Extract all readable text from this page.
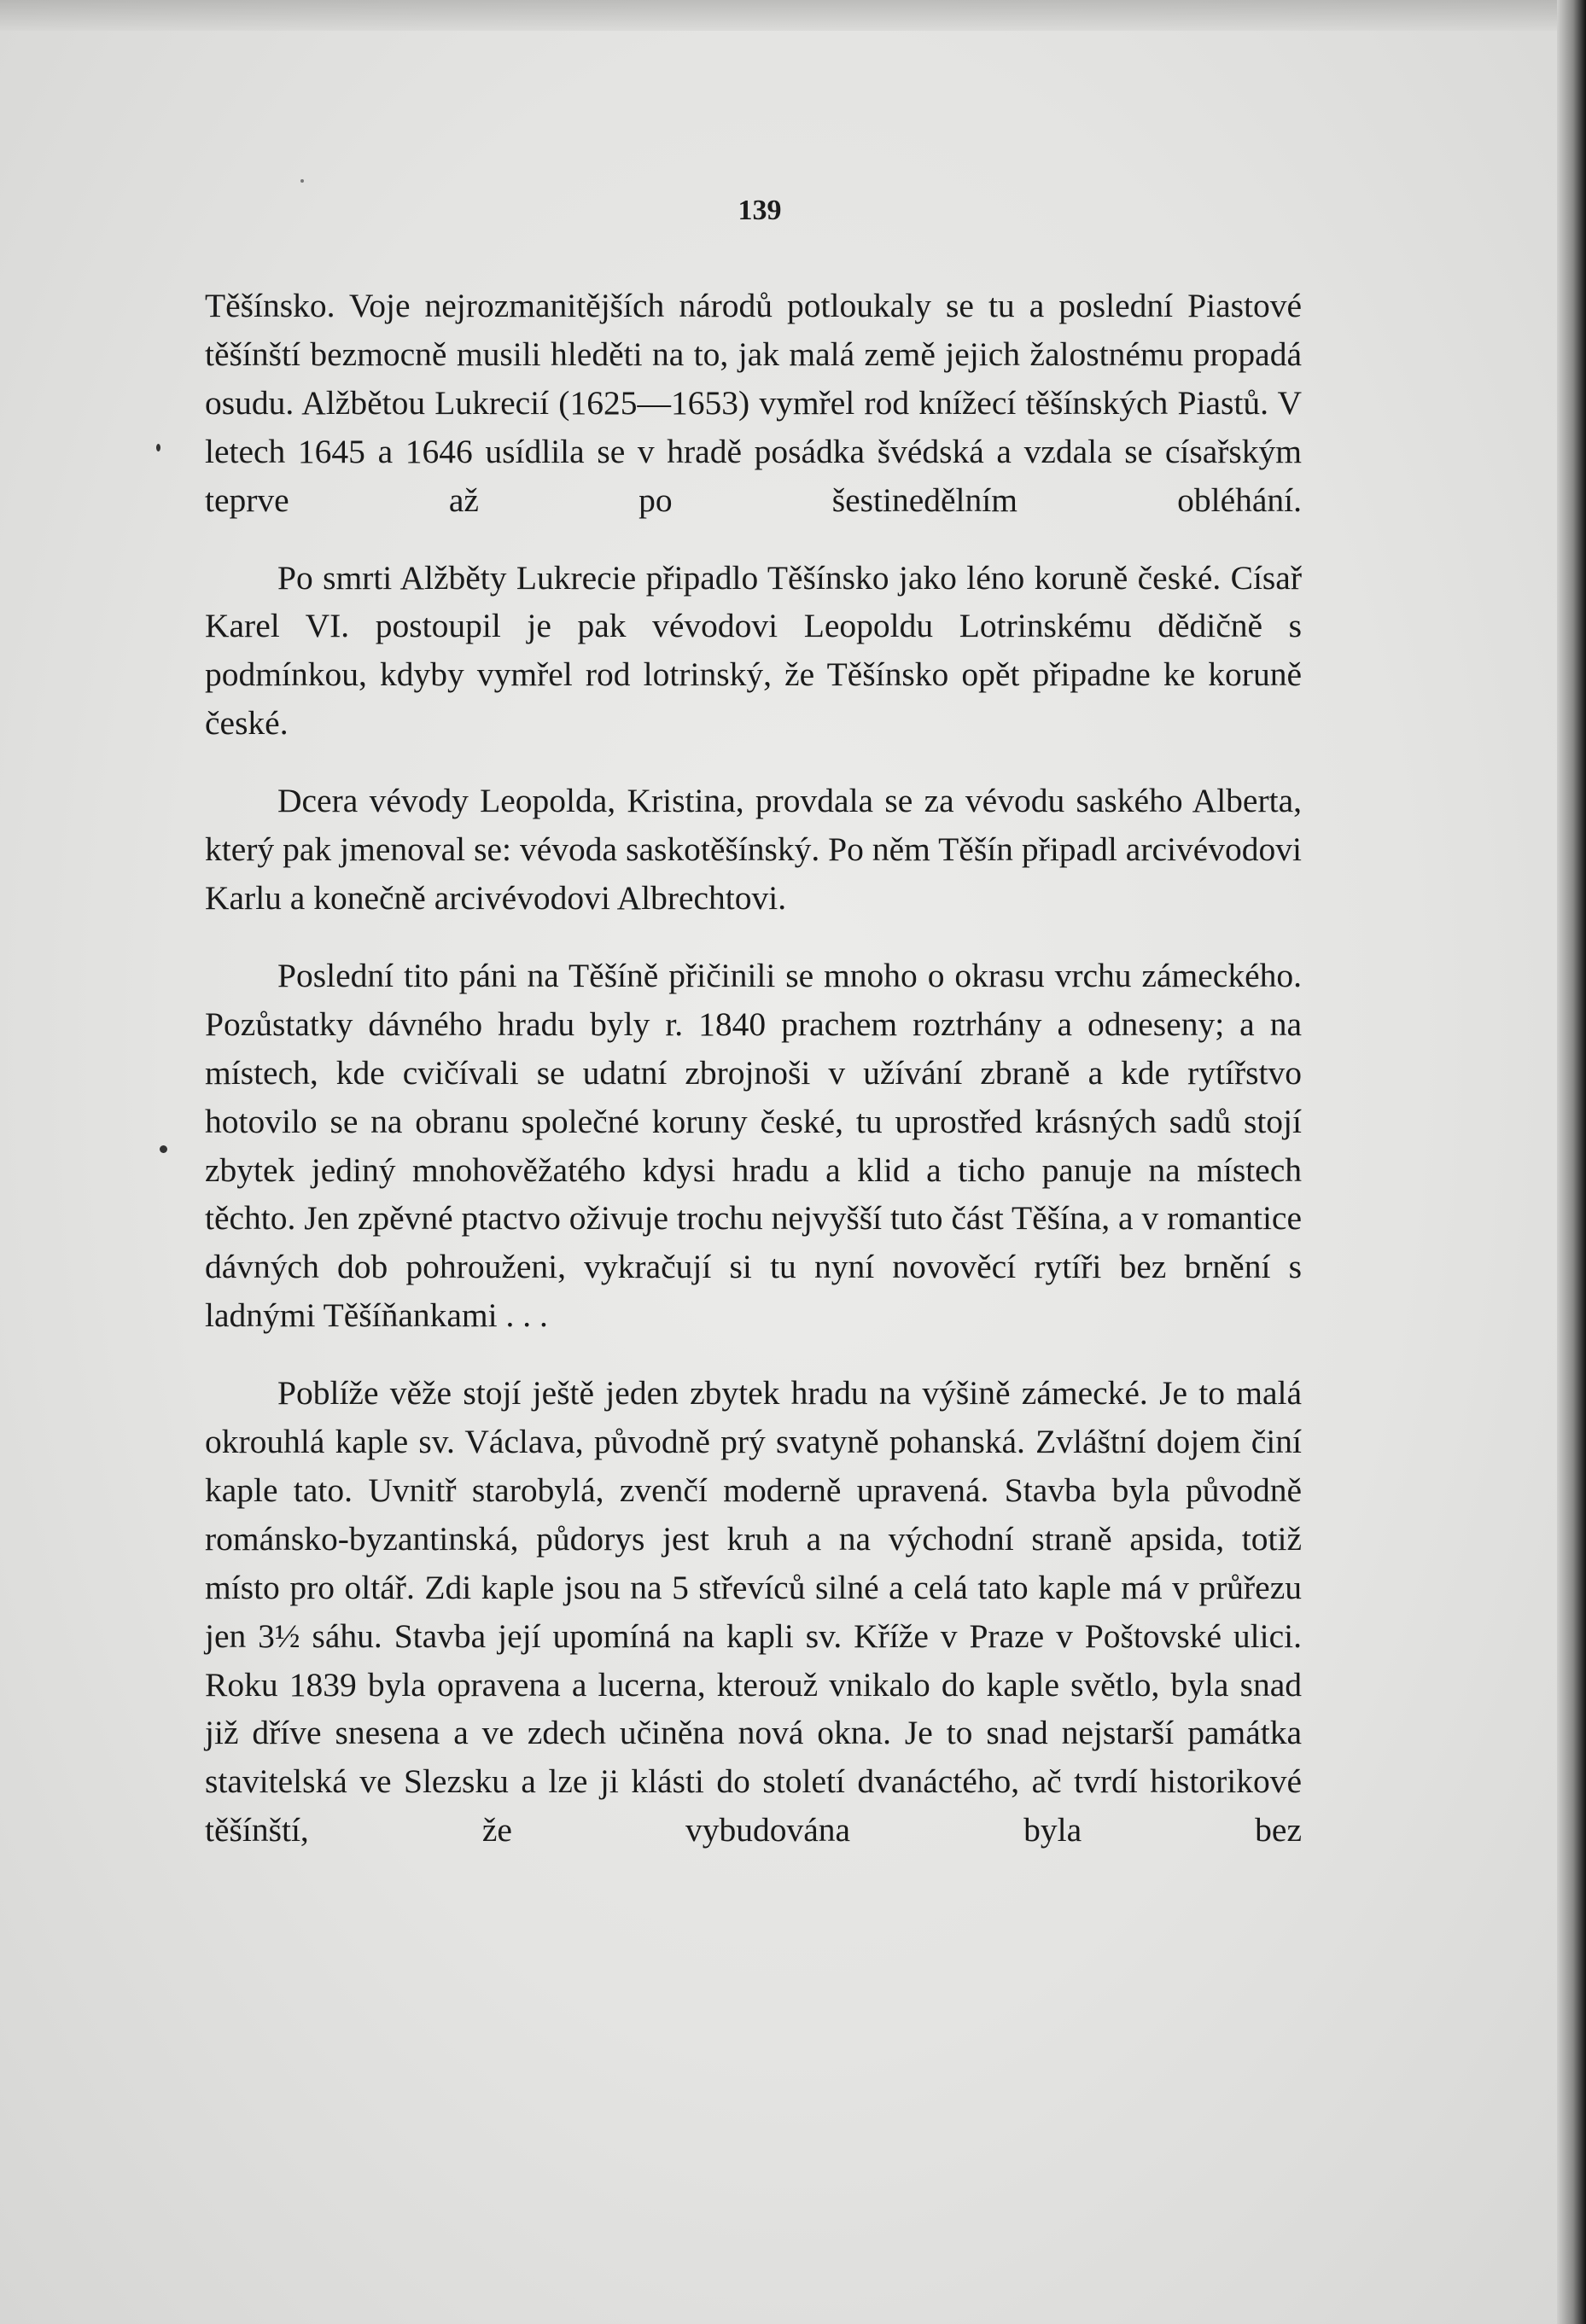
139

Těšínsko. Voje nejrozmanitějších národů potloukaly se tu a poslední Piastové těšínští bezmocně musili hleděti na to, jak malá země jejich žalostnému propadá osudu. Alžbětou Lukrecií (1625—1653) vymřel rod knížecí těšínských Piastů. V letech 1645 a 1646 usídlila se v hradě posádka švédská a vzdala se císařským teprve až po šestinedělním obléhání.

Po smrti Alžběty Lukrecie připadlo Těšínsko jako léno koruně české. Císař Karel VI. postoupil je pak vévodovi Leopoldu Lotrinskému dědičně s podmínkou, kdyby vymřel rod lotrinský, že Těšínsko opět připadne ke koruně české.

Dcera vévody Leopolda, Kristina, provdala se za vévodu saského Alberta, který pak jmenoval se: vévoda saskotěšínský. Po něm Těšín připadl arcivévodovi Karlu a konečně arcivévodovi Albrechtovi.

Poslední tito páni na Těšíně přičinili se mnoho o okrasu vrchu zámeckého. Pozůstatky dávného hradu byly r. 1840 prachem roztrhány a odneseny; a na místech, kde cvičívali se udatní zbrojnoši v užívání zbraně a kde rytířstvo hotovilo se na obranu společné koruny české, tu uprostřed krásných sadů stojí zbytek jediný mnohověžatého kdysi hradu a klid a ticho panuje na místech těchto. Jen zpěvné ptactvo oživuje trochu nejvyšší tuto část Těšína, a v romantice dávných dob pohrouženi, vykračují si tu nyní novověcí rytíři bez brnění s ladnými Těšíňankami . . .

Poblíže věže stojí ještě jeden zbytek hradu na výšině zámecké. Je to malá okrouhlá kaple sv. Václava, původně prý svatyně pohanská. Zvláštní dojem činí kaple tato. Uvnitř starobylá, zvenčí moderně upravená. Stavba byla původně románsko-byzantinská, půdorys jest kruh a na východní straně apsida, totiž místo pro oltář. Zdi kaple jsou na 5 střevíců silné a celá tato kaple má v průřezu jen 3½ sáhu. Stavba její upomíná na kapli sv. Kříže v Praze v Poštovské ulici. Roku 1839 byla opravena a lucerna, kterouž vnikalo do kaple světlo, byla snad již dříve snesena a ve zdech učiněna nová okna. Je to snad nejstarší památka stavitelská ve Slezsku a lze ji klásti do století dvanáctého, ač tvrdí historikové těšínští, že vybudována byla bez
